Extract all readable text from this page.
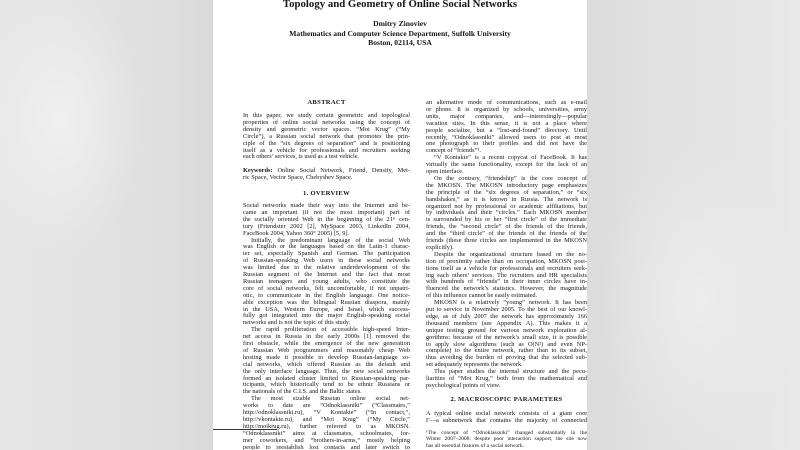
Topology and Geometry of Online Social Networks
Dmitry Zinoviev
Mathematics and Computer Science Department, Suffolk University
Boston, 02114, USA
ABSTRACT
In this paper, we study certain geometric and topological
properties of online social networks using the concept of
density and geometric vector spaces. “Moi Krug” (“My
Circle”), a Russian social network that promotes the prin-
ciple of the “six degrees of separation” and is positioning
itself as a vehicle for professionals and recruiters seeking
each others’ services, is used as a test vehicle.
Keywords: Online Social Network, Friend, Density, Met-
ric Space, Vector Space, Chebyshev Space.
1. OVERVIEW
Social networks made their way into the Internet and be-
came an important (if not the most important) part of
the socially oriented Web in the beginning of the 21ˢᵗ cen-
tury (Friendster 2002 [2], MySpace 2003, LinkedIn 2004,
FaceBook 2004, Yahoo 360° 2005) [5, 9].
Initially, the predominant language of the social Web
was English or the languages based on the Latin-1 charac-
ter set, especially Spanish and German. The participation
of Russian-speaking Web users in these social networks
was limited due to the relative underdevelopment of the
Russian segment of the Internet and the fact that most
Russian teenagers and young adults, who constitute the
core of social networks, felt uncomfortable, if not unpatri-
otic, to communicate in the English language. One notice-
able exception was the bilingual Russian diaspora, mainly
in the USA, Western Europe, and Israel, which success-
fully got integrated into the major English-speaking social
networks and is not the topic of this study.
The rapid proliferation of accessible high-speed Inter-
net access in Russia in the early 2000s [1] removed the
first obstacle, while the emergence of the new generation
of Russian Web programmers and reasonably cheap Web
hosting made it possible to develop Russian-language so-
cial networks, which offered Russian as the default and
the only interface language. Thus, the new social networks
formed an isolated cluster limited to Russian-speaking par-
ticipants, which historically tend to be ethnic Russians or
the nationals of the C.I.S. and the Baltic states.
The most sizable Russian online social net-
works to date are “Odnoklassniki” (“Classmates,”
http://odnoklassniki.ru), “V Kontakte” (“In contact,”,
http://vkontakte.ru), and “Moi Krug” (“My Circle,”
http://moikrug.ru), further referred to as MKOSN.
“Odnoklassniki” aims at classmates, schoolmates, for-
mer coworkers, and “brothers-in-arms,” mostly helping
people to reestablish lost contacts and later switch to
an alternative mode of communications, such as e-mail
or phone. It is organized by schools, universities, army
units, major companies, and—interestingly—popular
vacation sites. In this sense, it is not a place where
people socialize, but a “lost-and-found” directory. Until
recently, “Odnoklassniki” allowed users to post at most
one photograph to their profiles and did not have the
concept of “friends”¹.
“V Kontakte” is a recent copycat of FaceBook. It has
virtually the same functionality, except for the lack of an
open interface.
On the contrary, “friendship” is the core concept of
the MKOSN. The MKOSN introductory page emphasizes
the principle of the “six degrees of separation,” or “six
handshakes,” as it is known in Russia. The network is
organized not by professional or academic affiliations, but
by individuals and their “circles.” Each MKOSN member
is surrounded by his or her “first circle” of the immediate
friends, the “second circle” of the friends of the friends,
and the “third circle” of the friends of the friends of the
friends (these three circles are implemented in the MKOSN
explicitly).
Despite the organizational structure based on the no-
tion of proximity rather than on occupation, MKOSN posi-
tions itself as a vehicle for professionals and recruiters seek-
ing each others’ services. The recruiters and HR specialists
with hundreds of “friends” in their inner circles have in-
fluenced the network’s statistics. However, the magnitude
of this influence cannot be easily estimated.
MKOSN is a relatively “young” network. It has been
put to service in November 2005. To the best of our knowl-
edge, as of July 2007 the network has approximately 166
thousand members (see Appendix A). This makes it a
unique testing ground for various network exploration al-
gorithms: because of the network’s small size, it is possible
to apply slow algorithms (such as O(N²) and even NP-
complete) to the entire network, rather than to its subset,
thus avoiding the burden of proving that the selected sub-
set adequately represents the network.
This paper studies the internal structure and the pecu-
liarities of “Moi Krug,” both from the mathematical and
psychological points of view.
2. MACROSCOPIC PARAMETERS
A typical online social network consists of a giant core
Γ—a subnetwork that contains the majority of connected
¹The concept of “Odnoklassniki” changed substantially in the
Winter 2007–2008: despite poor interaction support, the site now
has all essential features of a social network.
